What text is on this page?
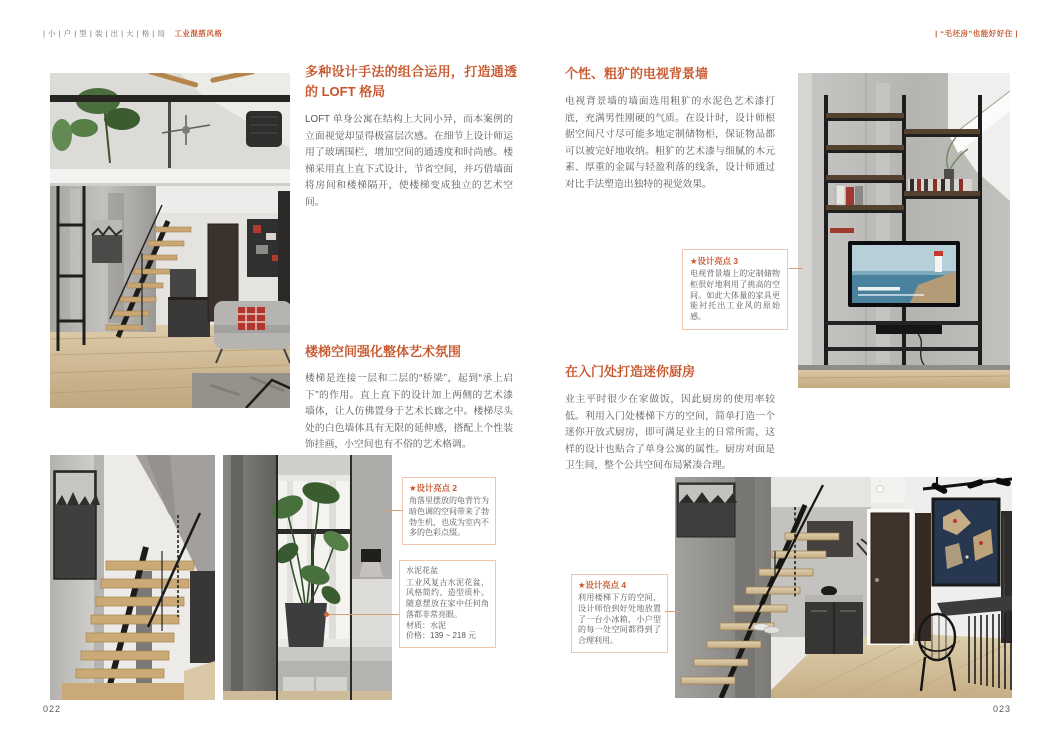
| 小 | 户 | 型 | 装 | 出 | 大 | 格 | 局 工业混搭风格	| “毛坯房”也能好好住 |
多种设计手法的组合运用，打造通透的 LOFT 格局
LOFT 单身公寓在结构上大同小异，而本案例的立面视觉却显得极富层次感。在细节上设计师运用了玻璃围栏，增加空间的通透度和时尚感。楼梯采用直上直下式设计，节省空间，并巧借墙面将房间和楼梯隔开，使楼梯变成独立的艺术空间。
楼梯空间强化整体艺术氛围
楼梯是连接一层和二层的“桥梁”，起到“承上启下”的作用。直上直下的设计加上两侧的艺术漆墙体，让人仿佛置身于艺术长廊之中。楼梯尽头处的白色墙体具有无限的延伸感，搭配上个性装饰挂画，小空间也有不俗的艺术格调。
★设计亮点 2
角落里摆放的龟背竹为暗色调的空间带来了勃勃生机，也成为室内不多的色彩点缀。
水泥花盆
工业风复古水泥花盆，风格简约、造型质朴。随意摆放在家中任何角落都非常亮眼。
材质：水泥
价格：139 ~ 218 元
022
个性、粗犷的电视背景墙
电视背景墙的墙面选用粗犷的水泥色艺术漆打底，充满男性刚硬的气质。在设计时，设计师根据空间尺寸尽可能多地定制储物柜，保证物品都可以被完好地收纳。粗犷的艺术漆与细腻的木元素、厚重的金属与轻盈利落的线条，设计师通过对比手法塑造出独特的视觉效果。
★设计亮点 3
电视背景墙上的定制储物柜很好地利用了挑高的空间。如此大体量的家具更能衬托出工业风的原始感。
在入门处打造迷你厨房
业主平时很少在家做饭，因此厨房的使用率较低。利用入门处楼梯下方的空间，简单打造一个迷你开放式厨房，即可满足业主的日常所需，这样的设计也贴合了单身公寓的属性。厨房对面是卫生间，整个公共空间布局紧凑合理。
★设计亮点 4
利用楼梯下方的空间，设计师恰到好处地放置了一台小冰箱，小户型的每一处空间都得到了合理利用。
023
